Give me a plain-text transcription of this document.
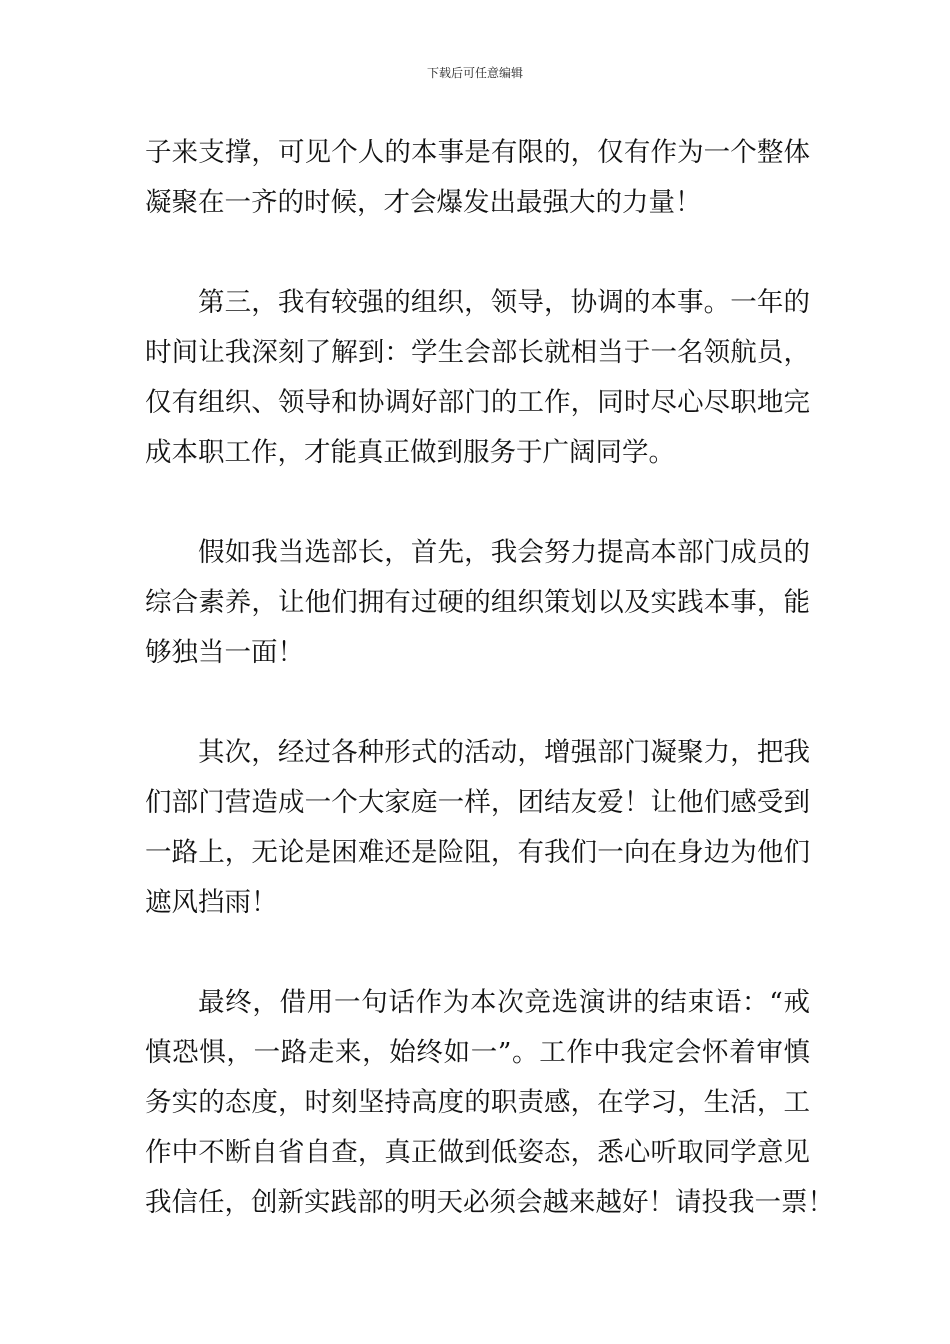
下载后可任意编辑
子来支撑，可见个人的本事是有限的，仅有作为一个整体
凝聚在一齐的时候，才会爆发出最强大的力量！
第三，我有较强的组织，领导，协调的本事。一年的
时间让我深刻了解到：学生会部长就相当于一名领航员，
仅有组织、领导和协调好部门的工作，同时尽心尽职地完
成本职工作，才能真正做到服务于广阔同学。
假如我当选部长，首先，我会努力提高本部门成员的
综合素养，让他们拥有过硬的组织策划以及实践本事，能
够独当一面！
其次，经过各种形式的活动，增强部门凝聚力，把我
们部门营造成一个大家庭一样，团结友爱！让他们感受到
一路上，无论是困难还是险阻，有我们一向在身边为他们
遮风挡雨！
最终，借用一句话作为本次竞选演讲的结束语：“戒
慎恐惧，一路走来，始终如一”。工作中我定会怀着审慎
务实的态度，时刻坚持高度的职责感，在学习，生活，工
作中不断自省自查，真正做到低姿态，悉心听取同学意见
我信任，创新实践部的明天必须会越来越好！请投我一票！
